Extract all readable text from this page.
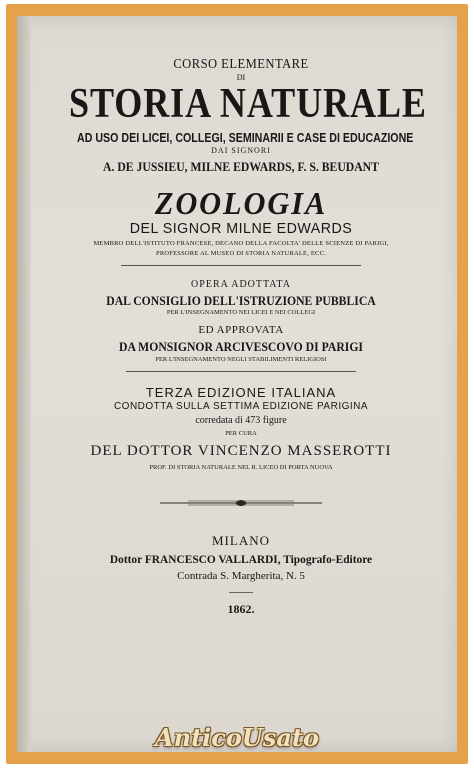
CORSO ELEMENTARE
DI
STORIA NATURALE
AD USO DEI LICEI, COLLEGI, SEMINARII E CASE DI EDUCAZIONE
DAI SIGNORI
A. DE JUSSIEU, MILNE EDWARDS, F. S. BEUDANT
ZOOLOGIA
DEL SIGNOR MILNE EDWARDS
MEMBRO DELL'ISTITUTO FRANCESE, DECANO DELLA FACOLTA' DELLE SCIENZE DI PARIGI,
PROFESSORE AL MUSEO DI STORIA NATURALE, ECC.
OPERA ADOTTATA
DAL CONSIGLIO DELL'ISTRUZIONE PUBBLICA
PER L'INSEGNAMENTO NEI LICEI E NEI COLLEGI
ED APPROVATA
DA MONSIGNOR ARCIVESCOVO DI PARIGI
PER L'INSEGNAMENTO NEGLI STABILIMENTI RELIGIOSI
TERZA EDIZIONE ITALIANA
CONDOTTA SULLA SETTIMA EDIZIONE PARIGINA
corredata di 473 figure
PER CURA
DEL DOTTOR VINCENZO MASSEROTTI
PROF. DI STORIA NATURALE NEL R. LICEO DI PORTA NUOVA
MILANO
Dottor FRANCESCO VALLARDI, Tipografo-Editore
Contrada S. Margherita, N. 5
1862.
AnticoUsato
